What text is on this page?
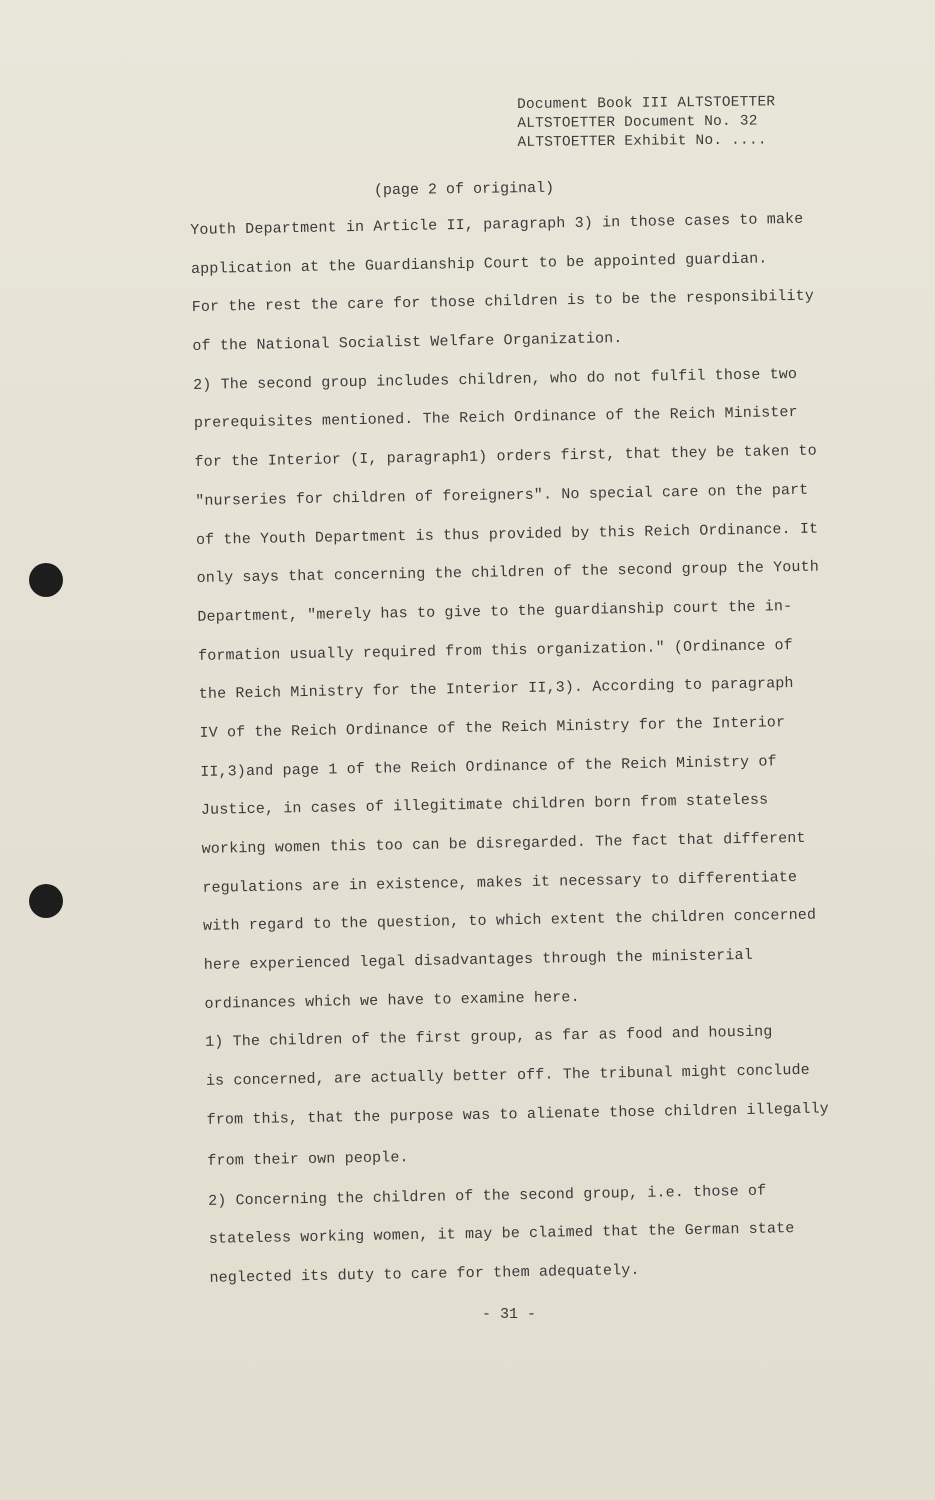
Document Book III ALTSTOETTER
ALTSTOETTER Document No. 32
ALTSTOETTER Exhibit No. ....
(page 2 of original)
Youth Department in Article II, paragraph 3) in those cases to make
application at the Guardianship Court to be appointed guardian.
For the rest the care for those children is to be the responsibility
of the National Socialist Welfare Organization.
2) The second group includes children, who do not fulfil those two
prerequisites mentioned. The Reich Ordinance of the Reich Minister
for the Interior (I, paragraph1) orders first, that they be taken to
"nurseries for children of foreigners". No special care on the part
of the Youth Department is thus provided by this Reich Ordinance. It
only says that concerning the children of the second group the Youth
Department, "merely has to give to the guardianship court the in-
formation usually required from this organization." (Ordinance of
the Reich Ministry for the Interior II,3). According to paragraph
IV of the Reich Ordinance of the Reich Ministry for the Interior
II,3)and page 1 of the Reich Ordinance of the Reich Ministry of
Justice, in cases of illegitimate children born from stateless
working women this too can be disregarded. The fact that different
regulations are in existence, makes it necessary to differentiate
with regard to the question, to which extent the children concerned
here experienced legal disadvantages through the ministerial
ordinances which we have to examine here.
1) The children of the first group, as far as food and housing
is concerned, are actually better off. The tribunal might conclude
from this, that the purpose was to alienate those children illegally
from their own people.
2) Concerning the children of the second group, i.e. those of
stateless working women, it may be claimed that the German state
neglected its duty to care for them adequately.
- 31 -
